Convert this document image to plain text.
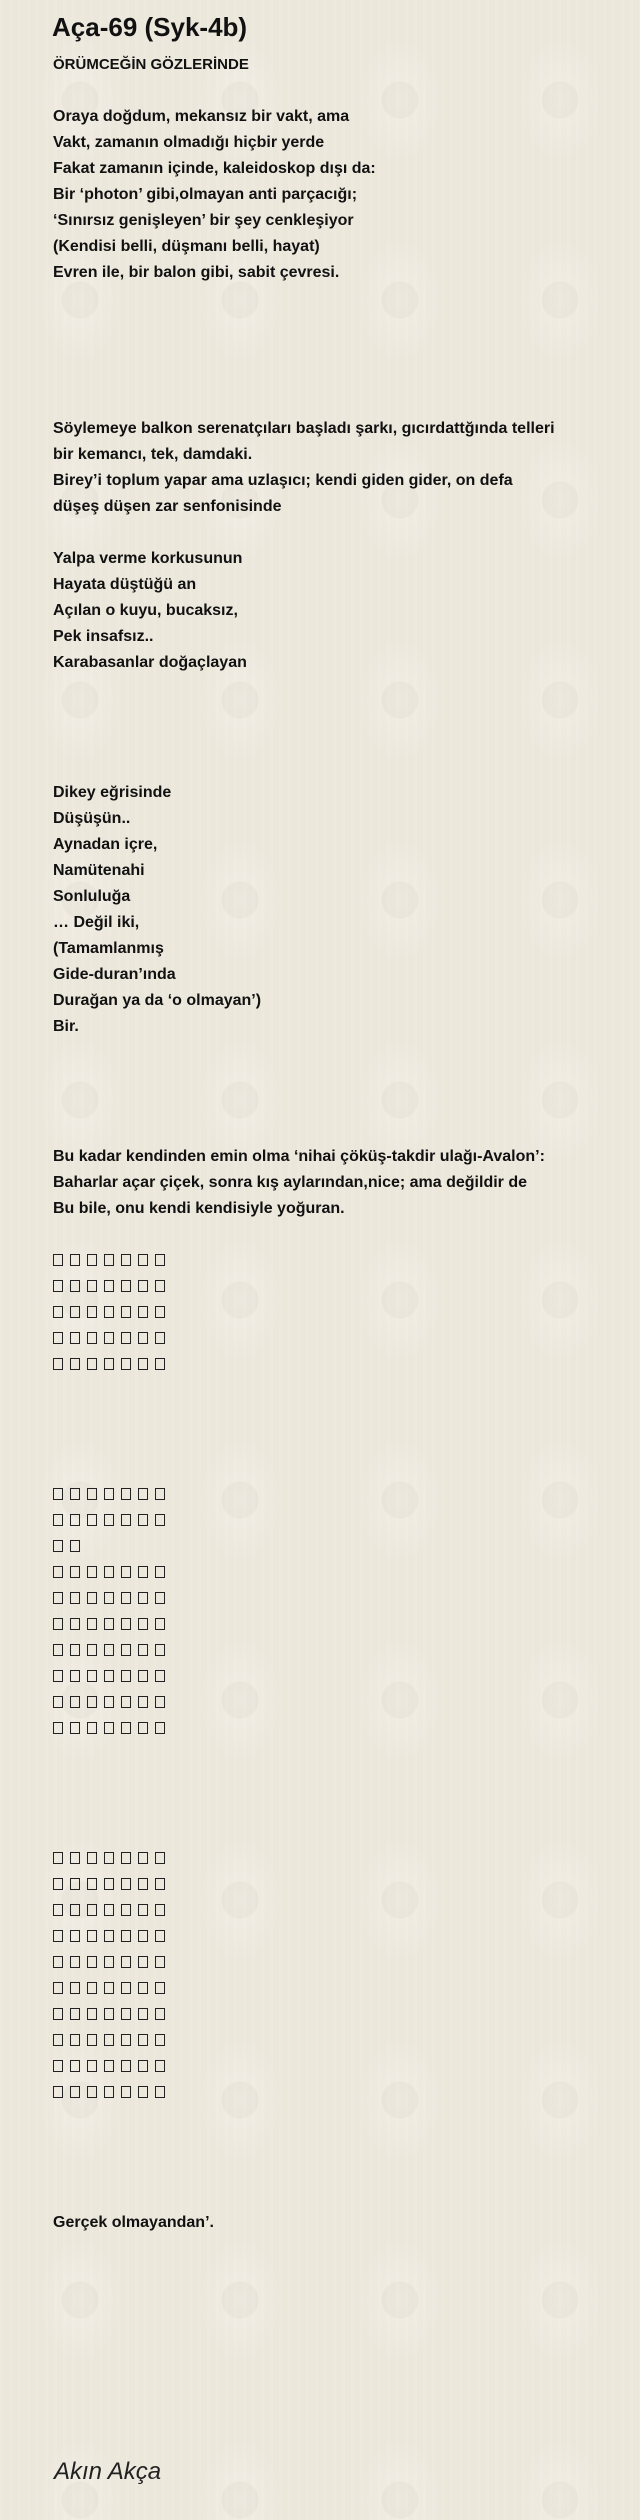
Aça-69 (Syk-4b)
ÖRÜMCEĞİN GÖZLERİNDE
Oraya doğdum, mekansız bir vakt, ama
Vakt, zamanın olmadığı hiçbir yerde
Fakat zamanın içinde, kaleidoskop dışı da:
Bir ‘photon’ gibi,olmayan anti parçacığı;
‘Sınırsız genişleyen’ bir şey cenkleşiyor
(Kendisi belli, düşmanı belli, hayat)
Evren ile, bir balon gibi, sabit çevresi.
Söylemeye balkon serenatçıları başladı şarkı, gıcırdattğında telleri
bir kemancı, tek, damdaki.
Birey’i toplum yapar ama uzlaşıcı; kendi giden gider, on defa
düşeş düşen zar senfonisinde
Yalpa verme korkusunun
Hayata düştüğü an
Açılan o kuyu, bucaksız,
Pek insafsız..
Karabasanlar doğaçlayan
Dikey eğrisinde
Düşüşün..
Aynadan içre,
Namütenahi
Sonluluğa
… Değil iki,
(Tamamlanmış
Gide-duran’ında
Durağan ya da ‘o olmayan’)
Bir.
Bu kadar kendinden emin olma ‘nihai çöküş-takdir ulağı-Avalon’:
Baharlar açar çiçek, sonra kış aylarından,nice; ama değildir de
Bu bile, onu kendi kendisiyle yoğuran.
Gerçek olmayandan’.
Akın Akça
